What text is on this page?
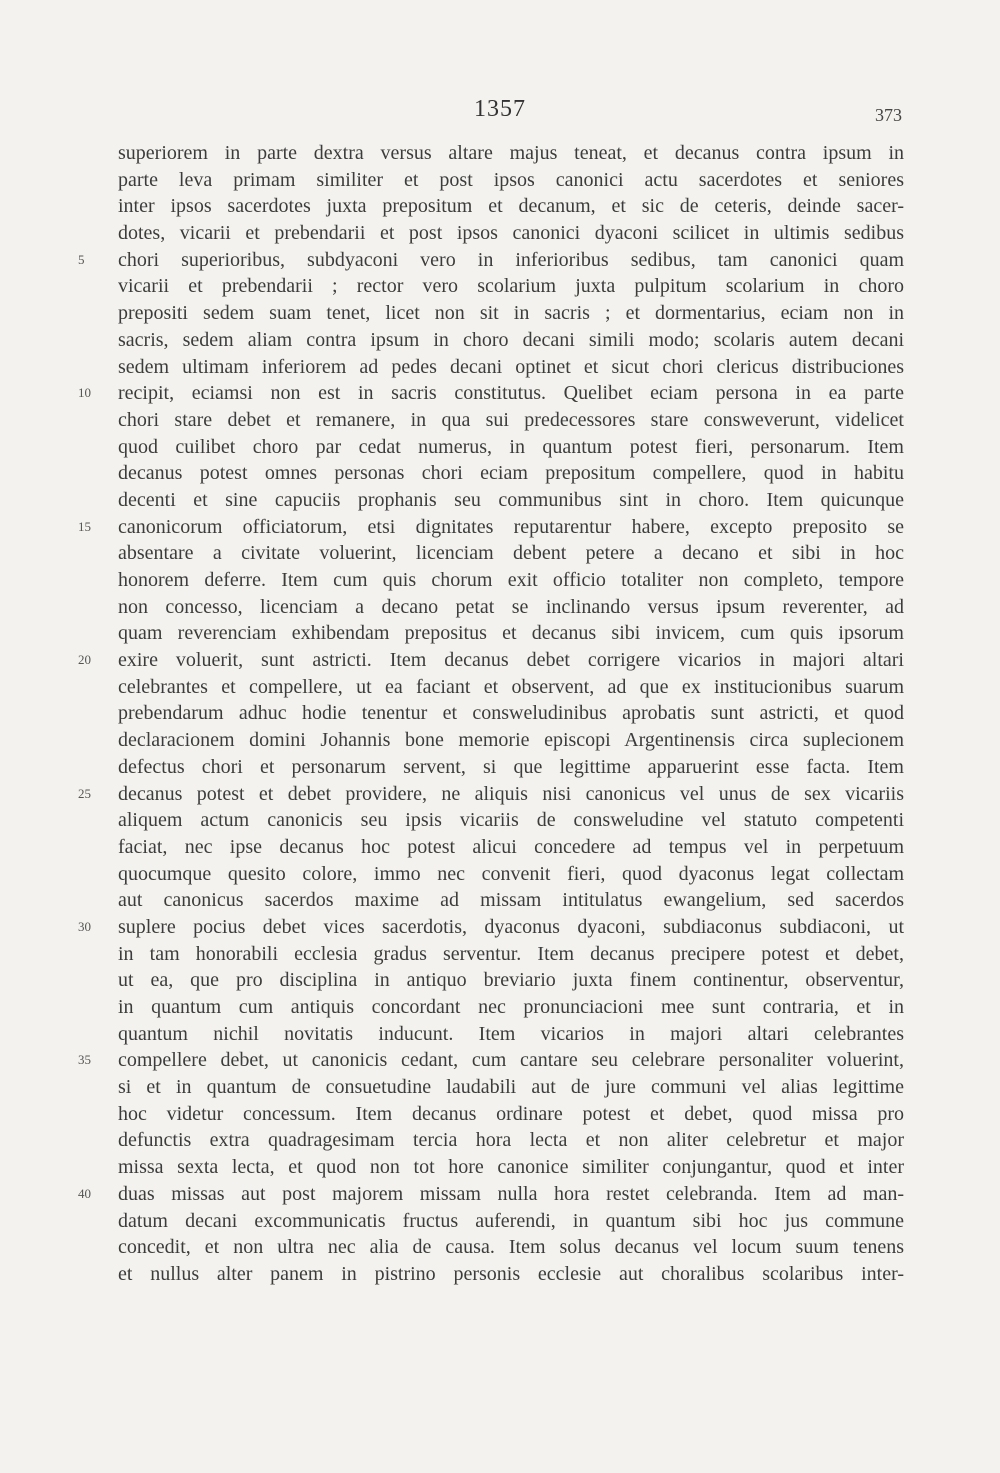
1357	373
superiorem in parte dextra versus altare majus teneat, et decanus contra ipsum in
parte leva primam similiter et post ipsos canonici actu sacerdotes et seniores
inter ipsos sacerdotes juxta prepositum et decanum, et sic de ceteris, deinde sacer-
dotes, vicarii et prebendarii et post ipsos canonici dyaconi scilicet in ultimis sedibus
5	chori superioribus, subdyaconi vero in inferioribus sedibus, tam canonici quam
vicarii et prebendarii ; rector vero scolarium juxta pulpitum scolarium in choro
prepositi sedem suam tenet, licet non sit in sacris ; et dormentarius, eciam non in
sacris, sedem aliam contra ipsum in choro decani simili modo; scolaris autem decani
sedem ultimam inferiorem ad pedes decani optinet et sicut chori clericus distribuciones
10	recipit, eciamsi non est in sacris constitutus. Quelibet eciam persona in ea parte
chori stare debet et remanere, in qua sui predecessores stare consweverunt, videlicet
quod cuilibet choro par cedat numerus, in quantum potest fieri, personarum. Item
decanus potest omnes personas chori eciam prepositum compellere, quod in habitu
decenti et sine capuciis prophanis seu communibus sint in choro. Item quicunque
15	canonicorum officiatorum, etsi dignitates reputarentur habere, excepto preposito se
absentare a civitate voluerint, licenciam debent petere a decano et sibi in hoc
honorem deferre. Item cum quis chorum exit officio totaliter non completo, tempore
non concesso, licenciam a decano petat se inclinando versus ipsum reverenter, ad
quam reverenciam exhibendam prepositus et decanus sibi invicem, cum quis ipsorum
20	exire voluerit, sunt astricti. Item decanus debet corrigere vicarios in majori altari
celebrantes et compellere, ut ea faciant et observent, ad que ex institucionibus suarum
prebendarum adhuc hodie tenentur et consweludinibus aprobatis sunt astricti, et quod
declaracionem domini Johannis bone memorie episcopi Argentinensis circa suplecionem
defectus chori et personarum servent, si que legittime apparuerint esse facta. Item
25	decanus potest et debet providere, ne aliquis nisi canonicus vel unus de sex vicariis
aliquem actum canonicis seu ipsis vicariis de consweludine vel statuto competenti
faciat, nec ipse decanus hoc potest alicui concedere ad tempus vel in perpetuum
quocumque quesito colore, immo nec convenit fieri, quod dyaconus legat collectam
aut canonicus sacerdos maxime ad missam intitulatus ewangelium, sed sacerdos
30	suplere pocius debet vices sacerdotis, dyaconus dyaconi, subdiaconus subdiaconi, ut
in tam honorabili ecclesia gradus serventur. Item decanus precipere potest et debet,
ut ea, que pro disciplina in antiquo breviario juxta finem continentur, observentur,
in quantum cum antiquis concordant nec pronunciacioni mee sunt contraria, et in
quantum nichil novitatis inducunt. Item vicarios in majori altari celebrantes
35	compellere debet, ut canonicis cedant, cum cantare seu celebrare personaliter voluerint,
si et in quantum de consuetudine laudabili aut de jure communi vel alias legittime
hoc videtur concessum. Item decanus ordinare potest et debet, quod missa pro
defunctis extra quadragesimam tercia hora lecta et non aliter celebretur et major
missa sexta lecta, et quod non tot hore canonice similiter conjungantur, quod et inter
40	duas missas aut post majorem missam nulla hora restet celebranda. Item ad man-
datum decani excommunicatis fructus auferendi, in quantum sibi hoc jus commune
concedit, et non ultra nec alia de causa. Item solus decanus vel locum suum tenens
et nullus alter panem in pistrino personis ecclesie aut choralibus scolaribus inter-
